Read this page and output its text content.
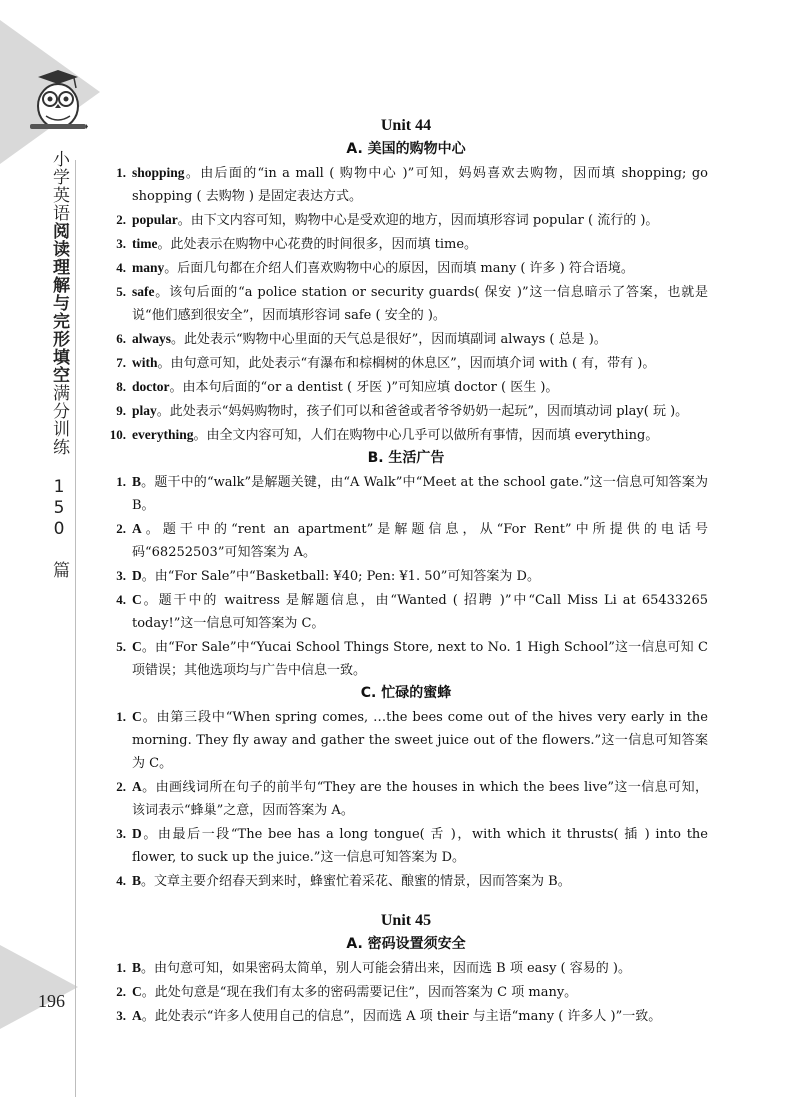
小学英语阅读理解与完形填空满分训练 150 篇
196
Unit 44
A. 美国的购物中心
1. shopping。由后面的“in a mall ( 购物中心 )”可知，妈妈喜欢去购物，因而填 shopping; go shopping ( 去购物 ) 是固定表达方式。
2. popular。由下文内容可知，购物中心是受欢迎的地方，因而填形容词 popular ( 流行的 )。
3. time。此处表示在购物中心花费的时间很多，因而填 time。
4. many。后面几句都在介绍人们喜欢购物中心的原因，因而填 many ( 许多 ) 符合语境。
5. safe。该句后面的“a police station or security guards( 保安 )”这一信息暗示了答案，也就是说“他们感到很安全”，因而填形容词 safe ( 安全的 )。
6. always。此处表示“购物中心里面的天气总是很好”，因而填副词 always ( 总是 )。
7. with。由句意可知，此处表示“有瀑布和棕榈树的休息区”，因而填介词 with ( 有，带有 )。
8. doctor。由本句后面的“or a dentist ( 牙医 )”可知应填 doctor ( 医生 )。
9. play。此处表示“妈妈购物时，孩子们可以和爸爸或者爷爷奶奶一起玩”，因而填动词 play( 玩 )。
10. everything。由全文内容可知，人们在购物中心几乎可以做所有事情，因而填 everything。
B. 生活广告
1. B。题干中的“walk”是解题关键，由“A Walk”中“Meet at the school gate.”这一信息可知答案为 B。
2. A。题干中的“rent an apartment”是解题信息，从“For Rent”中所提供的电话号码“68252503”可知答案为 A。
3. D。由“For Sale”中“Basketball: ¥40; Pen: ¥1. 50”可知答案为 D。
4. C。题干中的 waitress 是解题信息，由“Wanted ( 招聘 )”中“Call Miss Li at 65433265 today!”这一信息可知答案为 C。
5. C。由“For Sale”中“Yucai School Things Store, next to No. 1 High School”这一信息可知 C 项错误；其他选项均与广告中信息一致。
C. 忙碌的蜜蜂
1. C。由第三段中“When spring comes, …the bees come out of the hives very early in the morning. They fly away and gather the sweet juice out of the flowers.”这一信息可知答案为 C。
2. A。由画线词所在句子的前半句“They are the houses in which the bees live”这一信息可知，该词表示“蜂巢”之意，因而答案为 A。
3. D。由最后一段“The bee has a long tongue( 舌 )，with which it thrusts( 插 ) into the flower, to suck up the juice.”这一信息可知答案为 D。
4. B。文章主要介绍春天到来时，蜂蜜忙着采花、酿蜜的情景，因而答案为 B。
Unit 45
A. 密码设置须安全
1. B。由句意可知，如果密码太简单，别人可能会猜出来，因而选 B 项 easy ( 容易的 )。
2. C。此处句意是“现在我们有太多的密码需要记住”，因而答案为 C 项 many。
3. A。此处表示“许多人使用自己的信息”，因而选 A 项 their 与主语“many ( 许多人 )”一致。
